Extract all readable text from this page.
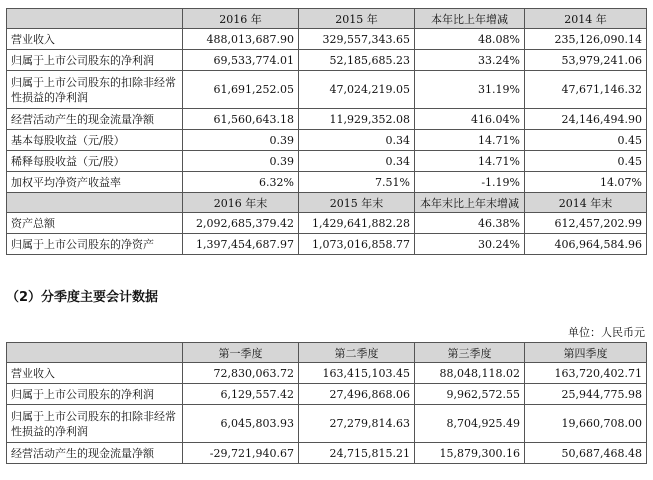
	2016 年	2015 年	本年比上年增减	2014 年
营业收入	488,013,687.90	329,557,343.65	48.08%	235,126,090.14
归属于上市公司股东的净利润	69,533,774.01	52,185,685.23	33.24%	53,979,241.06
归属于上市公司股东的扣除非经常性损益的净利润	61,691,252.05	47,024,219.05	31.19%	47,671,146.32
经营活动产生的现金流量净额	61,560,643.18	11,929,352.08	416.04%	24,146,494.90
基本每股收益（元/股）	0.39	0.34	14.71%	0.45
稀释每股收益（元/股）	0.39	0.34	14.71%	0.45
加权平均净资产收益率	6.32%	7.51%	-1.19%	14.07%
	2016 年末	2015 年末	本年末比上年末增减	2014 年末
资产总额	2,092,685,379.42	1,429,641,882.28	46.38%	612,457,202.99
归属于上市公司股东的净资产	1,397,454,687.97	1,073,016,858.77	30.24%	406,964,584.96
（2）分季度主要会计数据
单位：人民币元
	第一季度	第二季度	第三季度	第四季度
营业收入	72,830,063.72	163,415,103.45	88,048,118.02	163,720,402.71
归属于上市公司股东的净利润	6,129,557.42	27,496,868.06	9,962,572.55	25,944,775.98
归属于上市公司股东的扣除非经常性损益的净利润	6,045,803.93	27,279,814.63	8,704,925.49	19,660,708.00
经营活动产生的现金流量净额	-29,721,940.67	24,715,815.21	15,879,300.16	50,687,468.48
